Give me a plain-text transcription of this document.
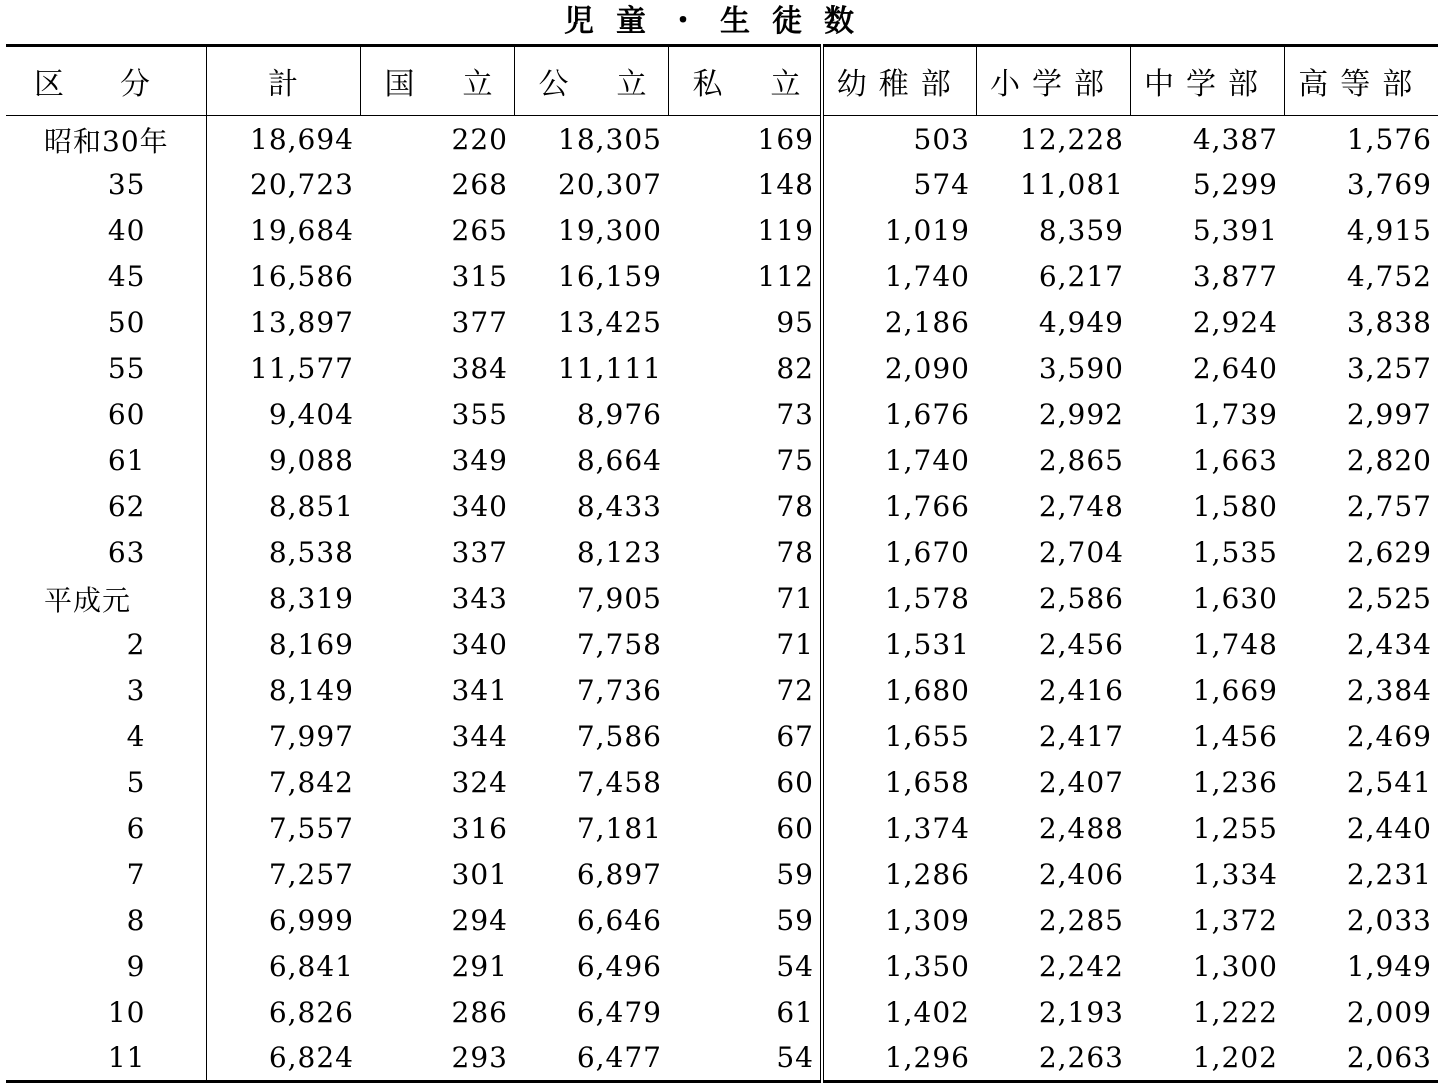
児童・生徒数
区分	計	国立	公立	私立	幼稚部	小学部	中学部	高等部
昭和30年	18,694	220	18,305	169	503	12,228	4,387	1,576
35	20,723	268	20,307	148	574	11,081	5,299	3,769
40	19,684	265	19,300	119	1,019	8,359	5,391	4,915
45	16,586	315	16,159	112	1,740	6,217	3,877	4,752
50	13,897	377	13,425	95	2,186	4,949	2,924	3,838
55	11,577	384	11,111	82	2,090	3,590	2,640	3,257
60	9,404	355	8,976	73	1,676	2,992	1,739	2,997
61	9,088	349	8,664	75	1,740	2,865	1,663	2,820
62	8,851	340	8,433	78	1,766	2,748	1,580	2,757
63	8,538	337	8,123	78	1,670	2,704	1,535	2,629
平成元	8,319	343	7,905	71	1,578	2,586	1,630	2,525
2	8,169	340	7,758	71	1,531	2,456	1,748	2,434
3	8,149	341	7,736	72	1,680	2,416	1,669	2,384
4	7,997	344	7,586	67	1,655	2,417	1,456	2,469
5	7,842	324	7,458	60	1,658	2,407	1,236	2,541
6	7,557	316	7,181	60	1,374	2,488	1,255	2,440
7	7,257	301	6,897	59	1,286	2,406	1,334	2,231
8	6,999	294	6,646	59	1,309	2,285	1,372	2,033
9	6,841	291	6,496	54	1,350	2,242	1,300	1,949
10	6,826	286	6,479	61	1,402	2,193	1,222	2,009
11	6,824	293	6,477	54	1,296	2,263	1,202	2,063
